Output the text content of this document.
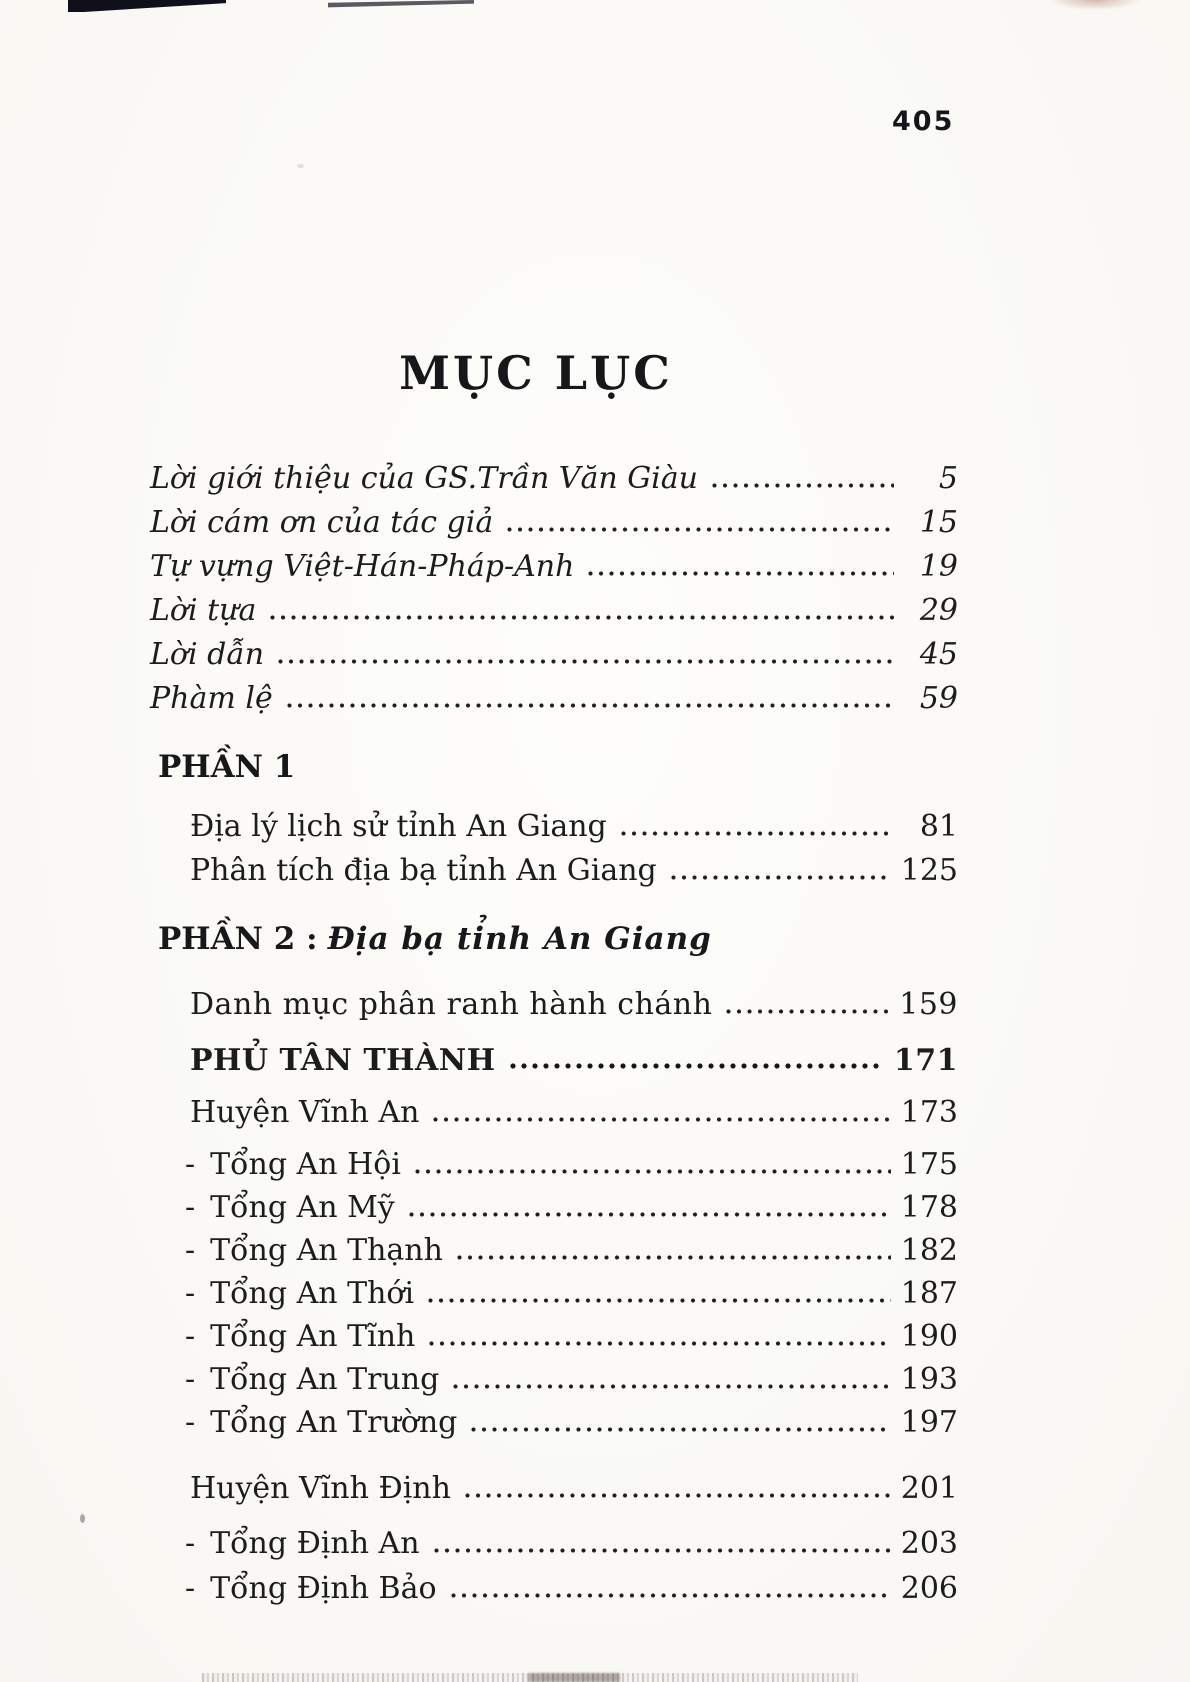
405
MỤC LỤC
Lời giới thiệu của GS.Trần Văn Giàu	5
Lời cám ơn của tác giả	15
Tự vựng Việt-Hán-Pháp-Anh	19
Lời tựa	29
Lời dẫn	45
Phàm lệ	59
PHẦN 1
Địa lý lịch sử tỉnh An Giang	81
Phân tích địa bạ tỉnh An Giang	125
PHẦN 2 : Địa bạ tỉnh An Giang
Danh mục phân ranh hành chánh	159
PHỦ TÂN THÀNH	171
Huyện Vĩnh An	173
- Tổng An Hội	175
- Tổng An Mỹ	178
- Tổng An Thạnh	182
- Tổng An Thới	187
- Tổng An Tĩnh	190
- Tổng An Trung	193
- Tổng An Trường	197
Huyện Vĩnh Định	201
- Tổng Định An	203
- Tổng Định Bảo	206
